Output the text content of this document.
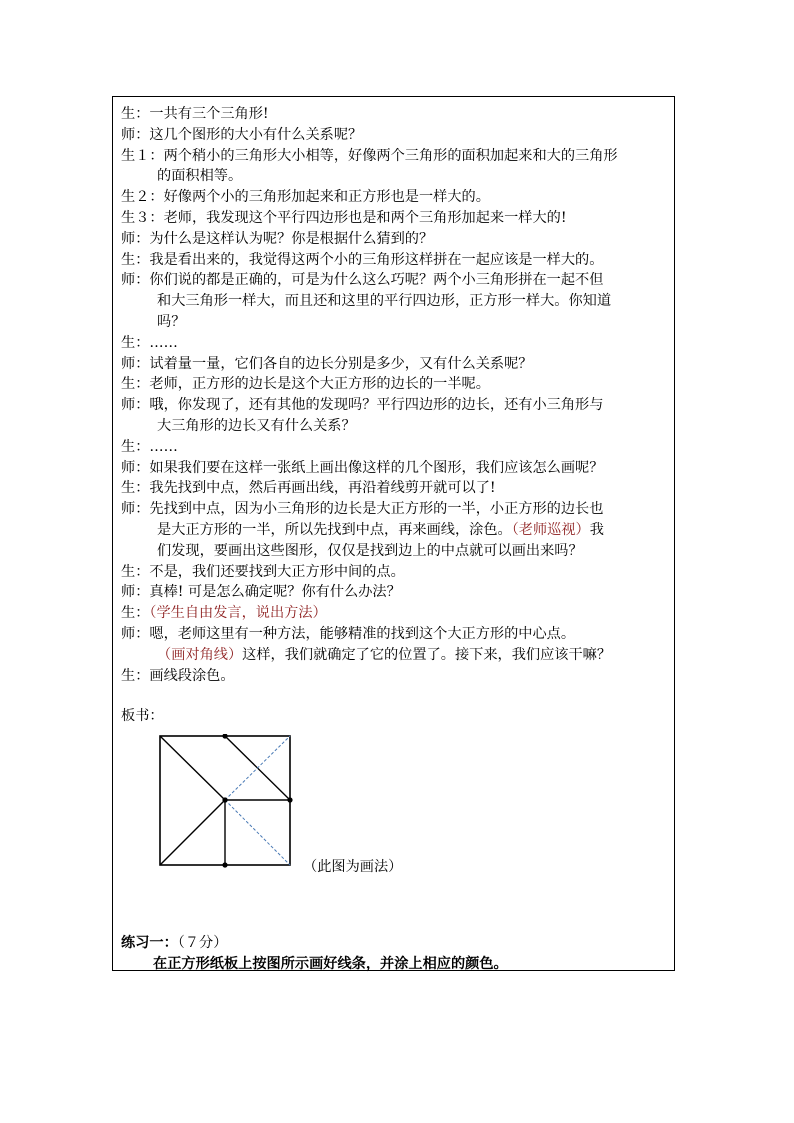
生：一共有三个三角形!
师：这几个图形的大小有什么关系呢？
生１：两个稍小的三角形大小相等，好像两个三角形的面积加起来和大的三角形
的面积相等。
生２：好像两个小的三角形加起来和正方形也是一样大的。
生３：老师，我发现这个平行四边形也是和两个三角形加起来一样大的!
师：为什么是这样认为呢？你是根据什么猜到的？
生：我是看出来的，我觉得这两个小的三角形这样拼在一起应该是一样大的。
师：你们说的都是正确的，可是为什么这么巧呢？两个小三角形拼在一起不但
和大三角形一样大，而且还和这里的平行四边形，正方形一样大。你知道
吗？
生：……
师：试着量一量，它们各自的边长分别是多少，又有什么关系呢？
生：老师，正方形的边长是这个大正方形的边长的一半呢。
师：哦，你发现了，还有其他的发现吗？平行四边形的边长，还有小三角形与
大三角形的边长又有什么关系？
生：……
师：如果我们要在这样一张纸上画出像这样的几个图形，我们应该怎么画呢？
生：我先找到中点，然后再画出线，再沿着线剪开就可以了!
师：先找到中点，因为小三角形的边长是大正方形的一半，小正方形的边长也
是大正方形的一半，所以先找到中点，再来画线，涂色。（老师巡视）我
们发现，要画出这些图形，仅仅是找到边上的中点就可以画出来吗？
生：不是，我们还要找到大正方形中间的点。
师：真棒! 可是怎么确定呢？你有什么办法？
生：（学生自由发言，说出方法）
师：嗯，老师这里有一种方法，能够精准的找到这个大正方形的中心点。
（画对角线）这样，我们就确定了它的位置了。接下来，我们应该干嘛？
生：画线段涂色。
板书：
（此图为画法）
练习一：（７分）
在正方形纸板上按图所示画好线条，并涂上相应的颜色。
